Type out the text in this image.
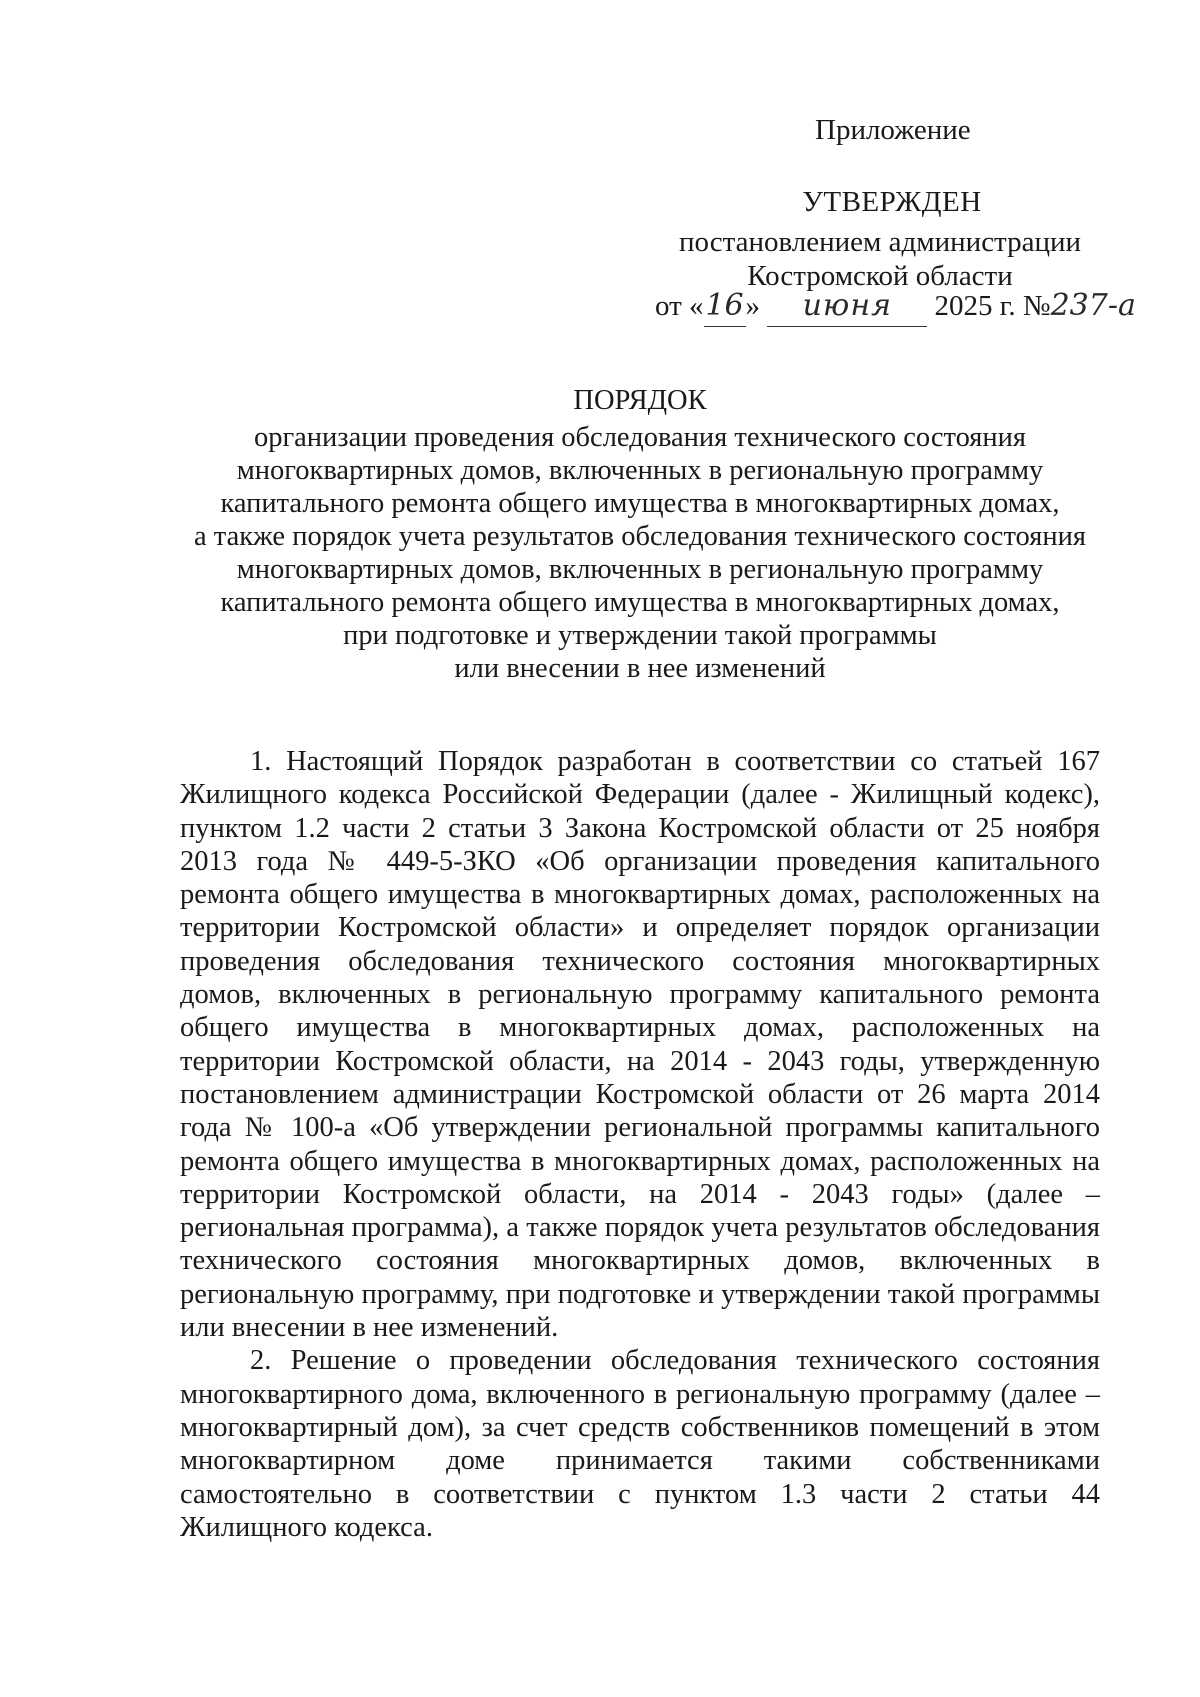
Приложение
УТВЕРЖДЕН
постановлением администрации
Костромской области
от «16» июня 2025 г. №237-а
ПОРЯДОК
организации проведения обследования технического состояния
многоквартирных домов, включенных в региональную программу
капитального ремонта общего имущества в многоквартирных домах,
а также порядок учета результатов обследования технического состояния
многоквартирных домов, включенных в региональную программу
капитального ремонта общего имущества в многоквартирных домах,
при подготовке и утверждении такой программы
или внесении в нее изменений

1. Настоящий Порядок разработан в соответствии со статьей 167 Жилищного кодекса Российской Федерации (далее - Жилищный кодекс), пунктом 1.2 части 2 статьи 3 Закона Костромской области от 25 ноября 2013 года № 449-5-ЗКО «Об организации проведения капитального ремонта общего имущества в многоквартирных домах, расположенных на территории Костромской области» и определяет порядок организации проведения обследования технического состояния многоквартирных домов, включенных в региональную программу капитального ремонта общего имущества в многоквартирных домах, расположенных на территории Костромской области, на 2014 - 2043 годы, утвержденную постановлением администрации Костромской области от 26 марта 2014 года № 100-а «Об утверждении региональной программы капитального ремонта общего имущества в многоквартирных домах, расположенных на территории Костромской области, на 2014 - 2043 годы» (далее – региональная программа), а также порядок учета результатов обследования технического состояния многоквартирных домов, включенных в региональную программу, при подготовке и утверждении такой программы или внесении в нее изменений.

2. Решение о проведении обследования технического состояния многоквартирного дома, включенного в региональную программу (далее – многоквартирный дом), за счет средств собственников помещений в этом многоквартирном доме принимается такими собственниками самостоятельно в соответствии с пунктом 1.3 части 2 статьи 44 Жилищного кодекса.
